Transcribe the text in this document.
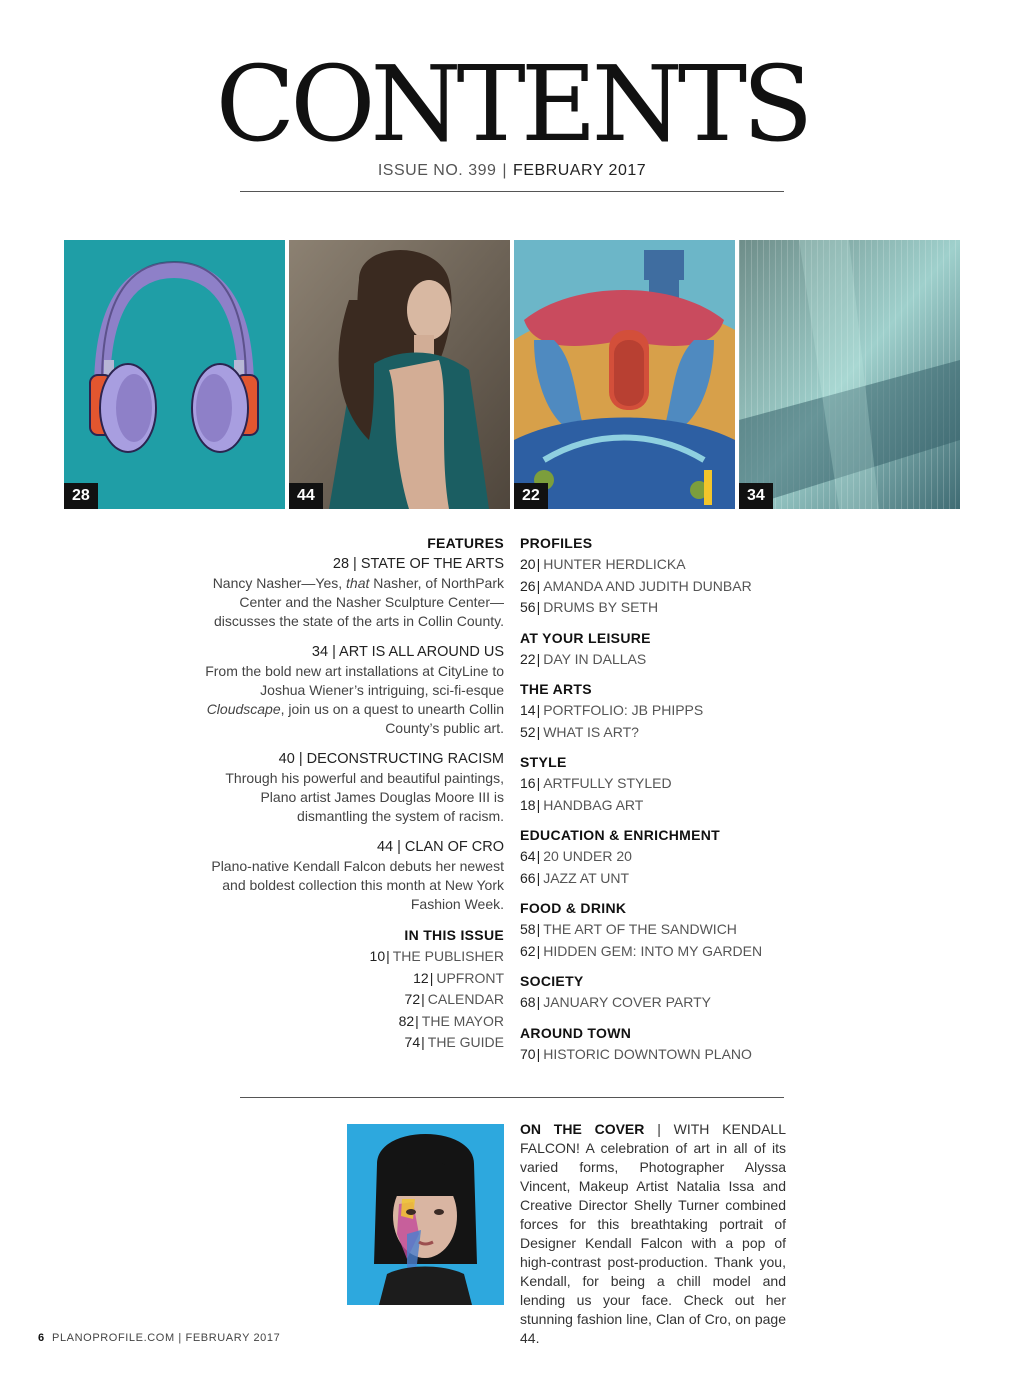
CONTENTS
ISSUE NO. 399 | FEBRUARY 2017
28	44	22	34
FEATURES
28 | STATE OF THE ARTS
Nancy Nasher—Yes, that Nasher, of NorthPark Center and the Nasher Sculpture Center—discusses the state of the arts in Collin County.
34 | ART IS ALL AROUND US
From the bold new art installations at CityLine to Joshua Wiener’s intriguing, sci-fi-esque Cloudscape, join us on a quest to unearth Collin County’s public art.
40 | DECONSTRUCTING RACISM
Through his powerful and beautiful paintings, Plano artist James Douglas Moore III is dismantling the system of racism.
44 | CLAN OF CRO
Plano-native Kendall Falcon debuts her newest and boldest collection this month at New York Fashion Week.
IN THIS ISSUE
10| THE PUBLISHER
12| UPFRONT
72| CALENDAR
82| THE MAYOR
74| THE GUIDE
PROFILES
20| HUNTER HERDLICKA
26| AMANDA AND JUDITH DUNBAR
56| DRUMS BY SETH
AT YOUR LEISURE
22| DAY IN DALLAS
THE ARTS
14| PORTFOLIO: JB PHIPPS
52| WHAT IS ART?
STYLE
16| ARTFULLY STYLED
18| HANDBAG ART
EDUCATION & ENRICHMENT
64| 20 UNDER 20
66| JAZZ AT UNT
FOOD & DRINK
58| THE ART OF THE SANDWICH
62| HIDDEN GEM: INTO MY GARDEN
SOCIETY
68| JANUARY COVER PARTY
AROUND TOWN
70| HISTORIC DOWNTOWN PLANO
ON THE COVER | WITH KENDALL FALCON! A celebration of art in all of its varied forms, Photographer Alyssa Vincent, Makeup Artist Natalia Issa and Creative Director Shelly Turner combined forces for this breathtaking portrait of Designer Kendall Falcon with a pop of high-contrast post-production. Thank you, Kendall, for being a chill model and lending us your face. Check out her stunning fashion line, Clan of Cro, on page 44.
6 PLANOPROFILE.COM | FEBRUARY 2017
